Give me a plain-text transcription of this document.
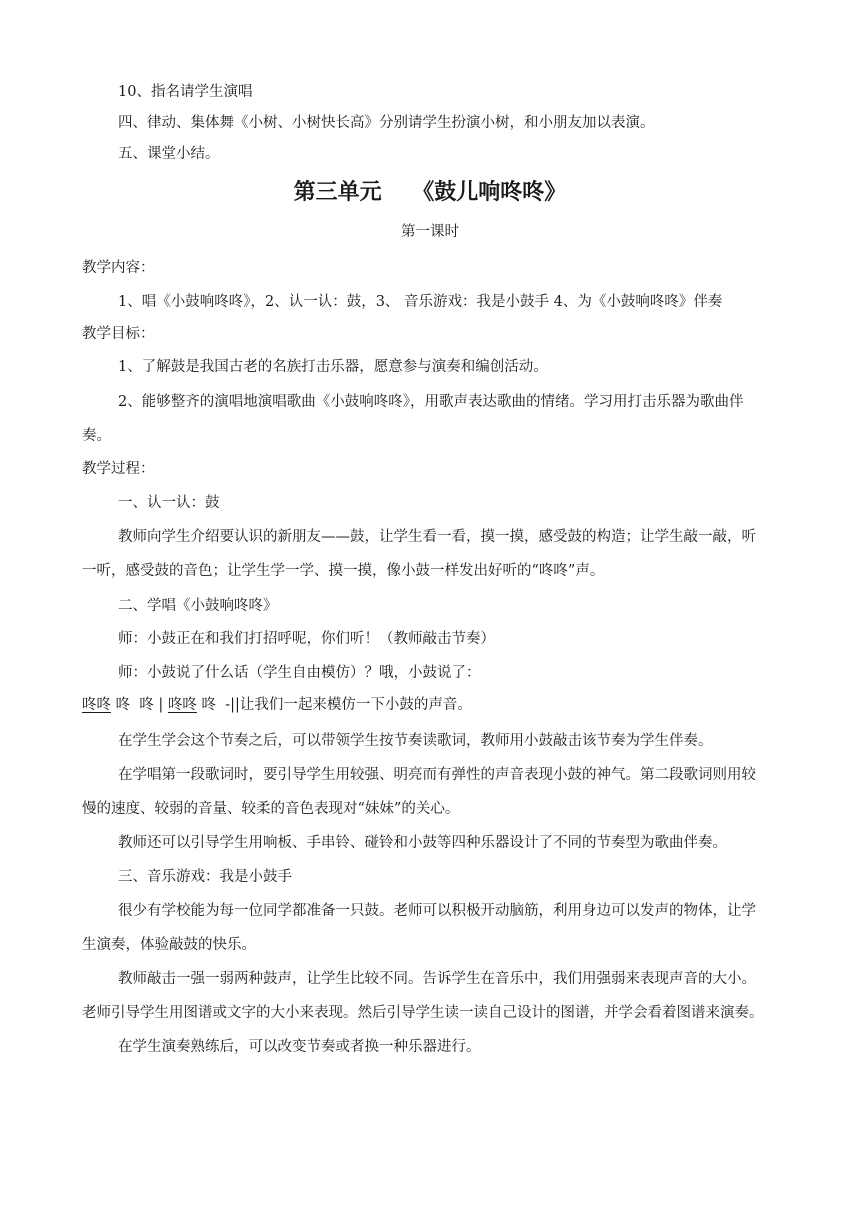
10、指名请学生演唱
四、律动、集体舞《小树、小树快长高》分别请学生扮演小树，和小朋友加以表演。
五、课堂小结。
第三单元    《鼓儿响咚咚》
第一课时
教学内容：
1、唱《小鼓响咚咚》，2、认一认：鼓，3、 音乐游戏：我是小鼓手 4、为《小鼓响咚咚》伴奏
教学目标：
1、了解鼓是我国古老的名族打击乐器，愿意参与演奏和编创活动。
2、能够整齐的演唱地演唱歌曲《小鼓响咚咚》，用歌声表达歌曲的情绪。学习用打击乐器为歌曲伴
奏。
教学过程：
一、认一认：鼓
教师向学生介绍要认识的新朋友——鼓，让学生看一看，摸一摸，感受鼓的构造；让学生敲一敲，听
一听，感受鼓的音色；让学生学一学、摸一摸，像小鼓一样发出好听的“咚咚”声。
二、学唱《小鼓响咚咚》
师：小鼓正在和我们打招呼呢，你们听！（教师敲击节奏）
师：小鼓说了什么话（学生自由模仿）？哦，小鼓说了：
咚咚 咚  咚 | 咚咚 咚  -||让我们一起来模仿一下小鼓的声音。
在学生学会这个节奏之后，可以带领学生按节奏读歌词，教师用小鼓敲击该节奏为学生伴奏。
在学唱第一段歌词时，要引导学生用较强、明亮而有弹性的声音表现小鼓的神气。第二段歌词则用较
慢的速度、较弱的音量、较柔的音色表现对“妹妹”的关心。
教师还可以引导学生用响板、手串铃、碰铃和小鼓等四种乐器设计了不同的节奏型为歌曲伴奏。
三、音乐游戏：我是小鼓手
很少有学校能为每一位同学都准备一只鼓。老师可以积极开动脑筋，利用身边可以发声的物体，让学
生演奏，体验敲鼓的快乐。
教师敲击一强一弱两种鼓声，让学生比较不同。告诉学生在音乐中，我们用强弱来表现声音的大小。
老师引导学生用图谱或文字的大小来表现。然后引导学生读一读自己设计的图谱，并学会看着图谱来演奏。
在学生演奏熟练后，可以改变节奏或者换一种乐器进行。
